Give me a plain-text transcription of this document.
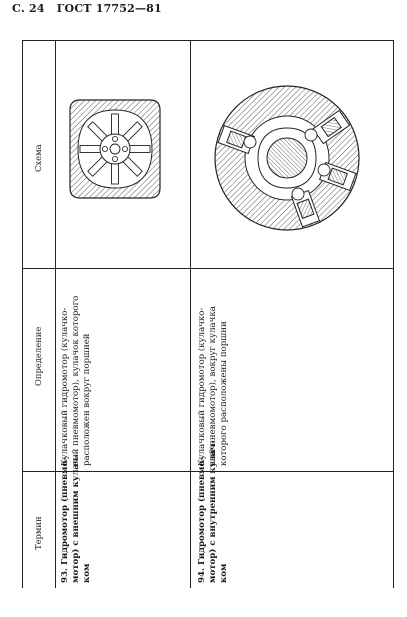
С. 24 ГОСТ 17752—81
Схема
Определение
Термин 93. Гидромотор (пневмо- мотор) с внешним кулач- ком
Кулачковый гидромотор (кулачко- вый пневмомотор), кулачок которого расположен вокруг поршней
94. Гидромотор (пневмо- мотор) с внутренним кулач- ком
Кулачковый гидромотор (кулачко- вый пневмомотор), вокруг кулачка которого расположены поршни
